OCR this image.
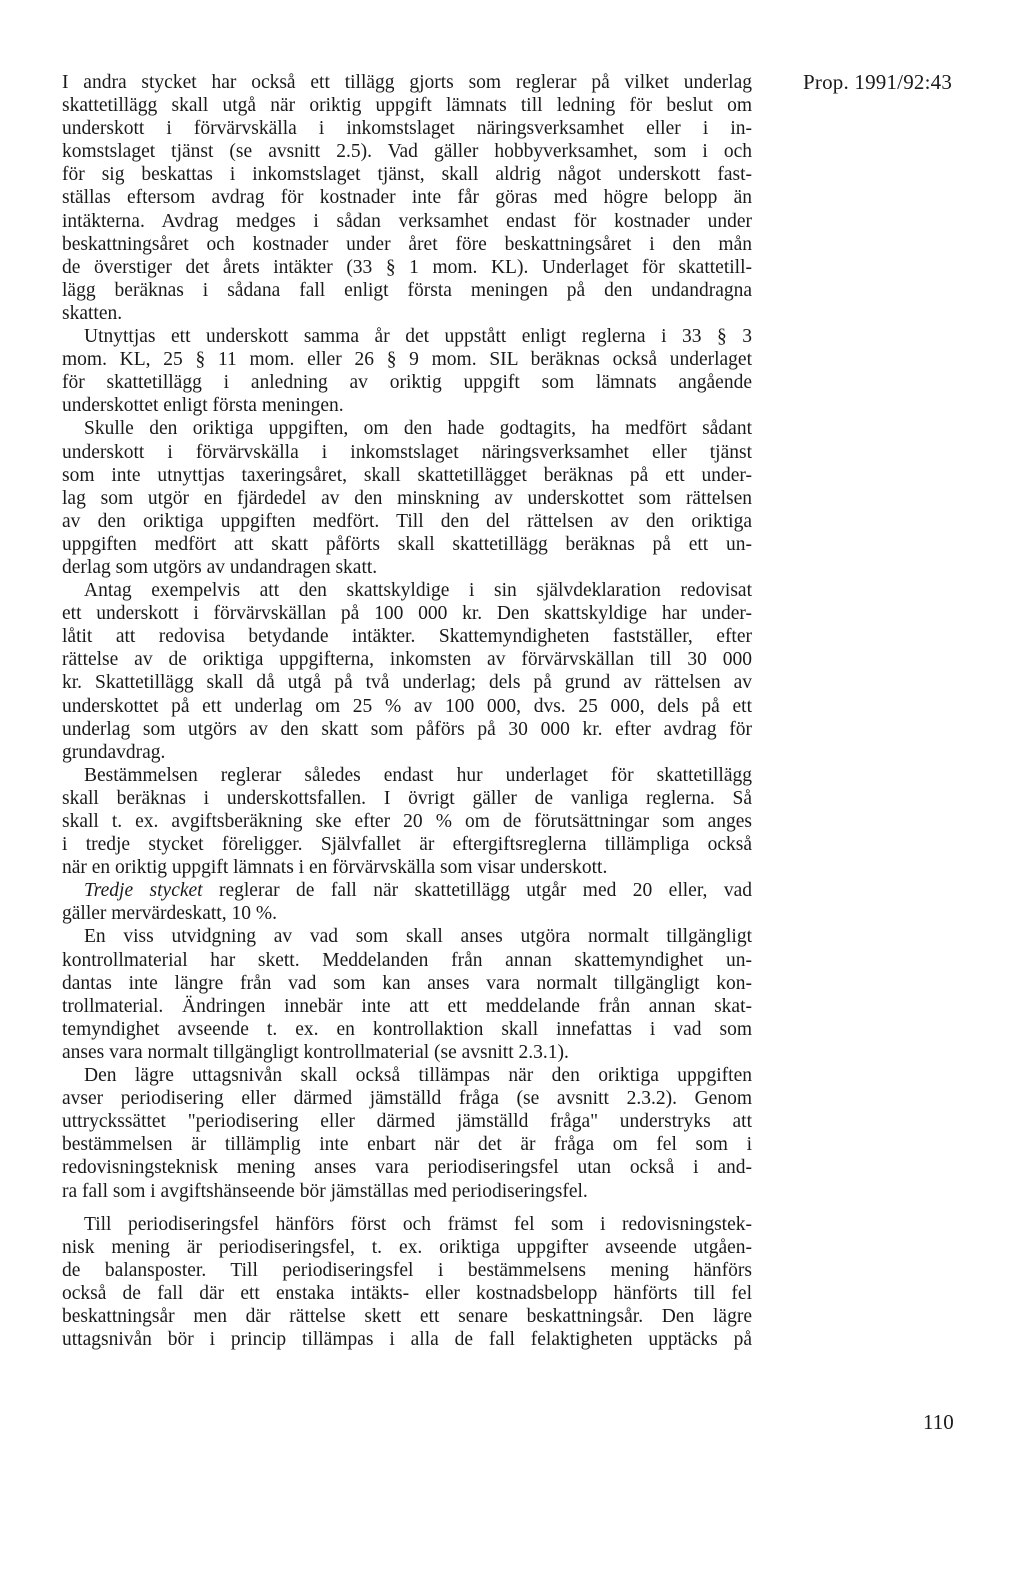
Prop. 1991/92:43
I andra stycket har också ett tillägg gjorts som reglerar på vilket underlag
skattetillägg skall utgå när oriktig uppgift lämnats till ledning för beslut om
underskott i förvärvskälla i inkomstslaget näringsverksamhet eller i in-
komstslaget tjänst (se avsnitt 2.5). Vad gäller hobbyverksamhet, som i och
för sig beskattas i inkomstslaget tjänst, skall aldrig något underskott fast-
ställas eftersom avdrag för kostnader inte får göras med högre belopp än
intäkterna. Avdrag medges i sådan verksamhet endast för kostnader under
beskattningsåret och kostnader under året före beskattningsåret i den mån
de överstiger det årets intäkter (33 § 1 mom. KL). Underlaget för skattetill-
lägg beräknas i sådana fall enligt första meningen på den undandragna
skatten.
Utnyttjas ett underskott samma år det uppstått enligt reglerna i 33 § 3
mom. KL, 25 § 11 mom. eller 26 § 9 mom. SIL beräknas också underlaget
för skattetillägg i anledning av oriktig uppgift som lämnats angående
underskottet enligt första meningen.
Skulle den oriktiga uppgiften, om den hade godtagits, ha medfört sådant
underskott i förvärvskälla i inkomstslaget näringsverksamhet eller tjänst
som inte utnyttjas taxeringsåret, skall skattetillägget beräknas på ett under-
lag som utgör en fjärdedel av den minskning av underskottet som rättelsen
av den oriktiga uppgiften medfört. Till den del rättelsen av den oriktiga
uppgiften medfört att skatt påförts skall skattetillägg beräknas på ett un-
derlag som utgörs av undandragen skatt.
Antag exempelvis att den skattskyldige i sin självdeklaration redovisat
ett underskott i förvärvskällan på 100 000 kr. Den skattskyldige har under-
låtit att redovisa betydande intäkter. Skattemyndigheten fastställer, efter
rättelse av de oriktiga uppgifterna, inkomsten av förvärvskällan till 30 000
kr. Skattetillägg skall då utgå på två underlag; dels på grund av rättelsen av
underskottet på ett underlag om 25 % av 100 000, dvs. 25 000, dels på ett
underlag som utgörs av den skatt som påförs på 30 000 kr. efter avdrag för
grundavdrag.
Bestämmelsen reglerar således endast hur underlaget för skattetillägg
skall beräknas i underskottsfallen. I övrigt gäller de vanliga reglerna. Så
skall t. ex. avgiftsberäkning ske efter 20 % om de förutsättningar som anges
i tredje stycket föreligger. Självfallet är eftergiftsreglerna tillämpliga också
när en oriktig uppgift lämnats i en förvärvskälla som visar underskott.
Tredje stycket reglerar de fall när skattetillägg utgår med 20 eller, vad
gäller mervärdeskatt, 10 %.
En viss utvidgning av vad som skall anses utgöra normalt tillgängligt
kontrollmaterial har skett. Meddelanden från annan skattemyndighet un-
dantas inte längre från vad som kan anses vara normalt tillgängligt kon-
trollmaterial. Ändringen innebär inte att ett meddelande från annan skat-
temyndighet avseende t. ex. en kontrollaktion skall innefattas i vad som
anses vara normalt tillgängligt kontrollmaterial (se avsnitt 2.3.1).
Den lägre uttagsnivån skall också tillämpas när den oriktiga uppgiften
avser periodisering eller därmed jämställd fråga (se avsnitt 2.3.2). Genom
uttryckssättet "periodisering eller därmed jämställd fråga" understryks att
bestämmelsen är tillämplig inte enbart när det är fråga om fel som i
redovisningsteknisk mening anses vara periodiseringsfel utan också i and-
ra fall som i avgiftshänseende bör jämställas med periodiseringsfel.
Till periodiseringsfel hänförs först och främst fel som i redovisningstek-
nisk mening är periodiseringsfel, t. ex. oriktiga uppgifter avseende utgåen-
de balansposter. Till periodiseringsfel i bestämmelsens mening hänförs
också de fall där ett enstaka intäkts- eller kostnadsbelopp hänförts till fel
beskattningsår men där rättelse skett ett senare beskattningsår. Den lägre
uttagsnivån bör i princip tillämpas i alla de fall felaktigheten upptäcks på
110
